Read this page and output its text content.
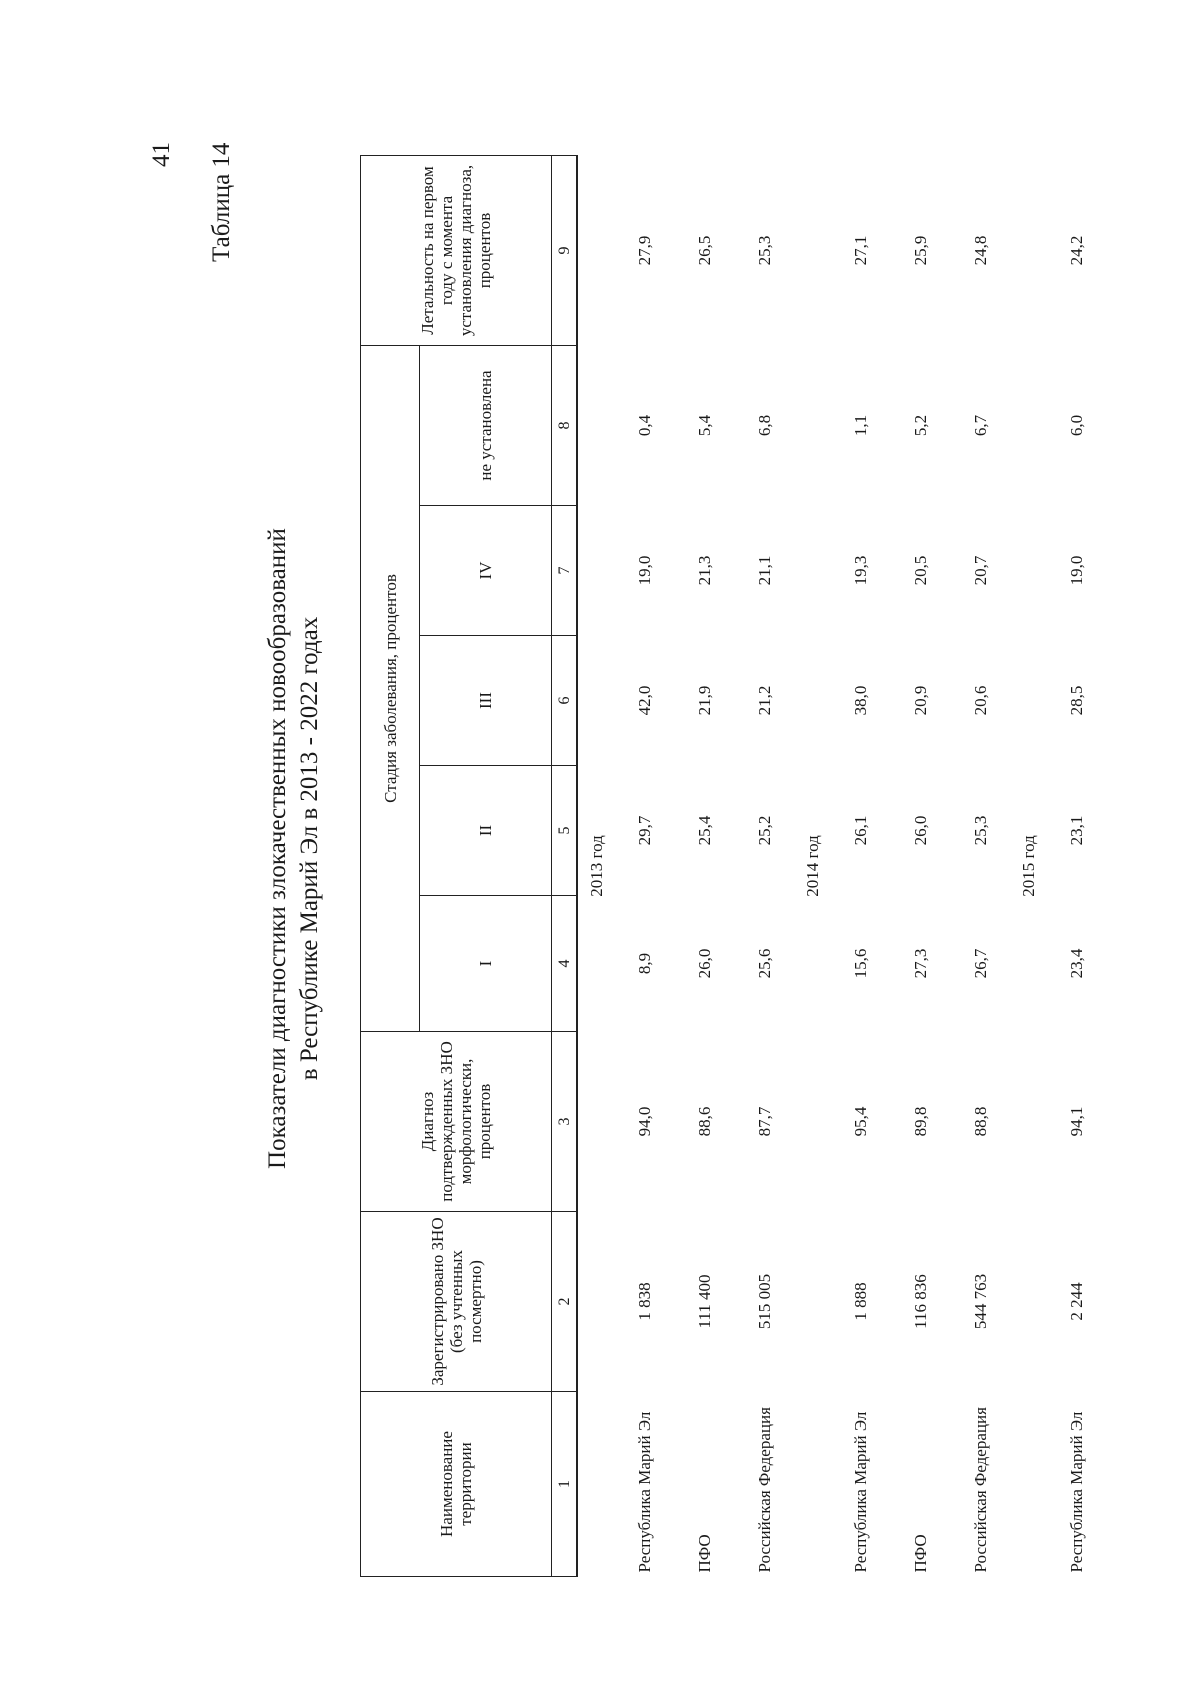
41 Таблица 14
Показатели диагностики злокачественных новообразований в Республике Марий Эл в 2013 - 2022 годах
Наименование территории	Зарегистрировано ЗНО (без учтенных посмертно)	Диагноз подтвержденных ЗНО морфологически, процентов	Стадия заболевания, процентов					Летальность на первом году с момента установления диагноза, процентов
			I	II	III	IV	не установлена	
1	2	3	4	5	6	7	8	9
2013 год								
Республика Марий Эл	1 838	94,0	8,9	29,7	42,0	19,0	0,4	27,9
ПФО	111 400	88,6	26,0	25,4	21,9	21,3	5,4	26,5
Российская Федерация	515 005	87,7	25,6	25,2	21,2	21,1	6,8	25,3
2014 год								
Республика Марий Эл	1 888	95,4	15,6	26,1	38,0	19,3	1,1	27,1
ПФО	116 836	89,8	27,3	26,0	20,9	20,5	5,2	25,9
Российская Федерация	544 763	88,8	26,7	25,3	20,6	20,7	6,7	24,8
2015 год								
Республика Марий Эл	2 244	94,1	23,4	23,1	28,5	19,0	6,0	24,2
